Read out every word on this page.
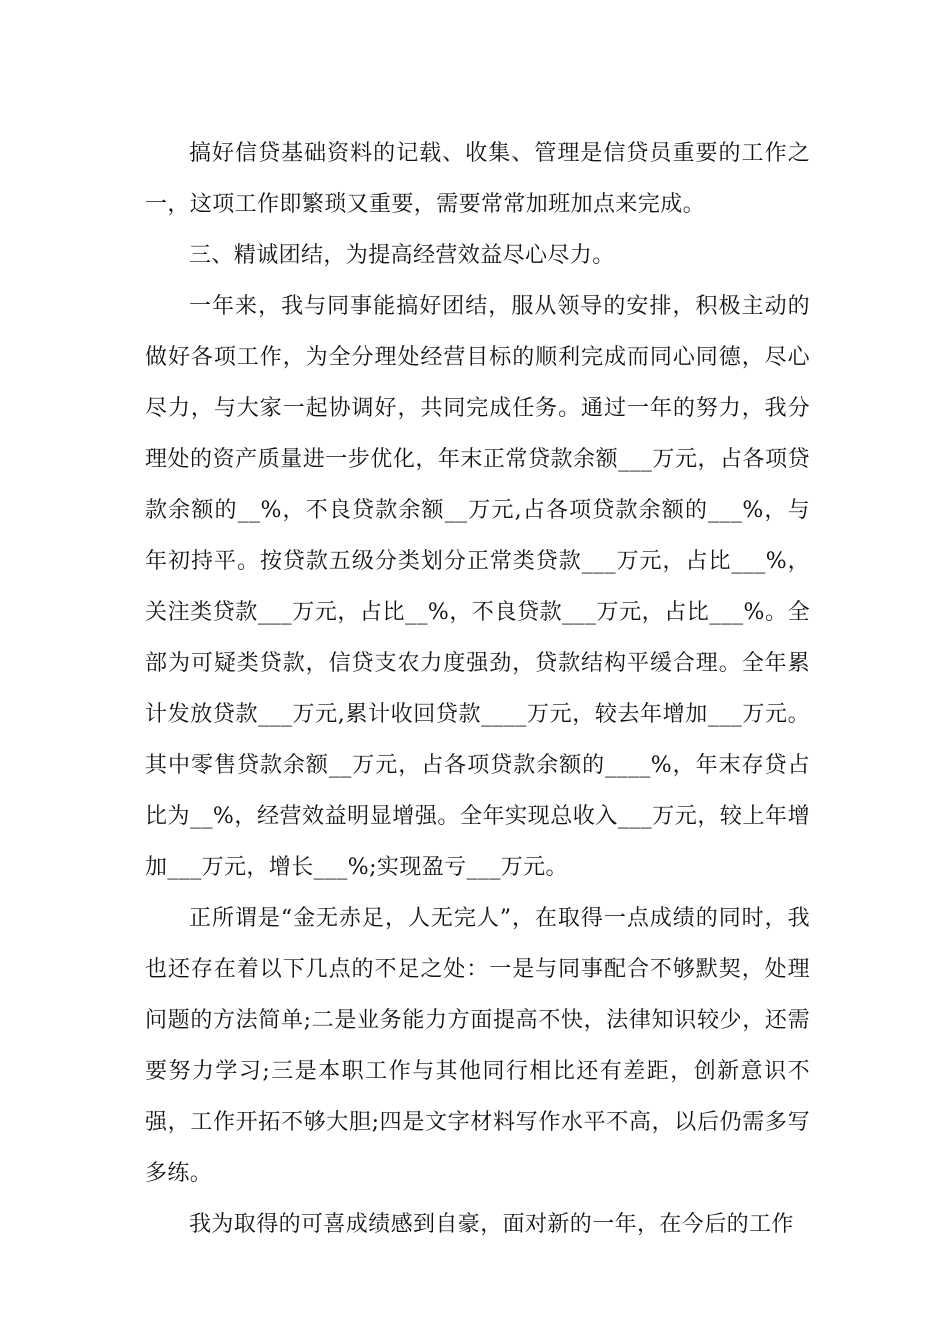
搞好信贷基础资料的记载、收集、管理是信贷员重要的工作之一，这项工作即繁琐又重要，需要常常加班加点来完成。

三、精诚团结，为提高经营效益尽心尽力。

一年来，我与同事能搞好团结，服从领导的安排，积极主动的做好各项工作，为全分理处经营目标的顺利完成而同心同德，尽心尽力，与大家一起协调好，共同完成任务。通过一年的努力，我分理处的资产质量进一步优化，年末正常贷款余额___万元，占各项贷款余额的__%，不良贷款余额__万元,占各项贷款余额的___%，与年初持平。按贷款五级分类划分正常类贷款___万元，占比___%，关注类贷款___万元，占比__%，不良贷款___万元，占比___%。全部为可疑类贷款，信贷支农力度强劲，贷款结构平缓合理。全年累计发放贷款___万元,累计收回贷款____万元，较去年增加___万元。其中零售贷款余额__万元，占各项贷款余额的____%，年末存贷占比为__%，经营效益明显增强。全年实现总收入___万元，较上年增加___万元，增长___%;实现盈亏___万元。

正所谓是“金无赤足，人无完人”，在取得一点成绩的同时，我也还存在着以下几点的不足之处：一是与同事配合不够默契，处理问题的方法简单;二是业务能力方面提高不快，法律知识较少，还需要努力学习;三是本职工作与其他同行相比还有差距，创新意识不强，工作开拓不够大胆;四是文字材料写作水平不高，以后仍需多写多练。

我为取得的可喜成绩感到自豪，面对新的一年，在今后的工作
